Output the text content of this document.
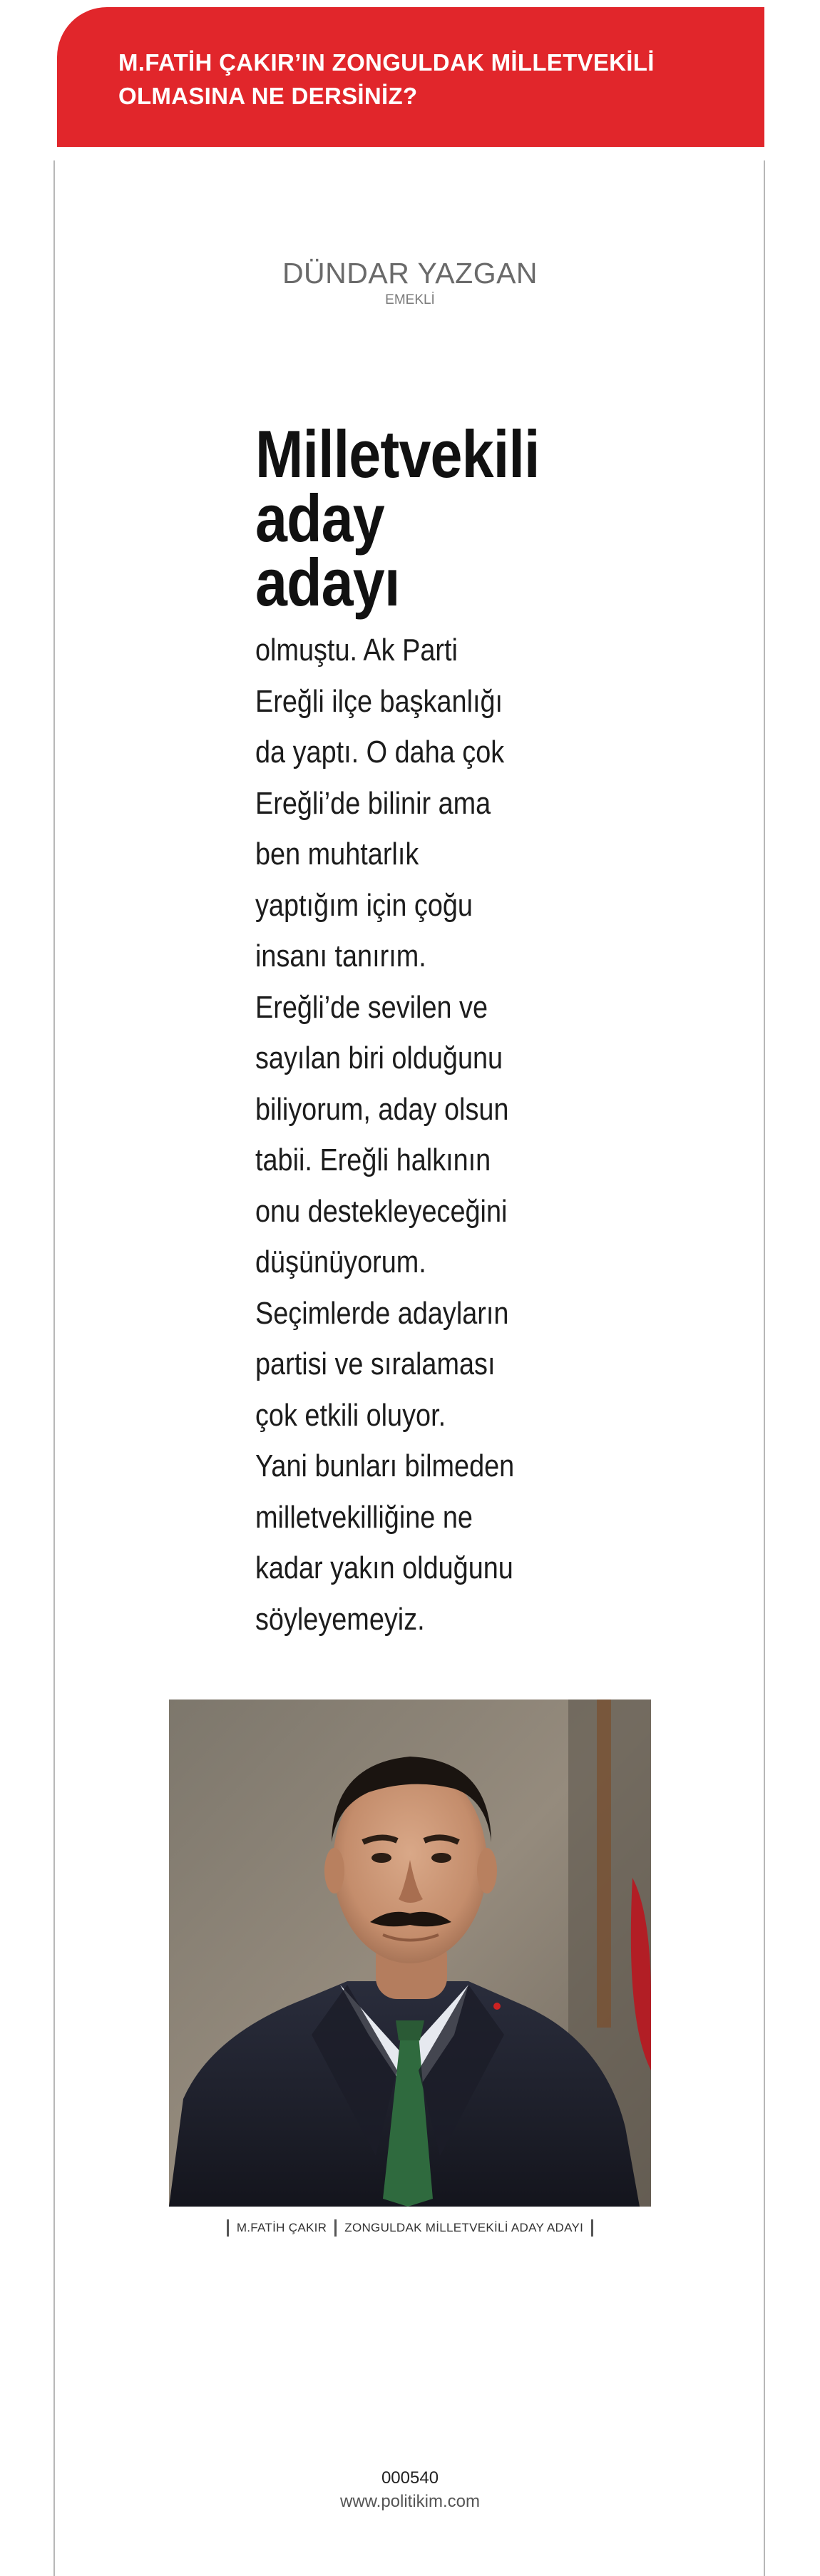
M.FATİH ÇAKIR’IN ZONGULDAK MİLLETVEKİLİ OLMASINA NE DERSİNİZ?
DÜNDAR YAZGAN
EMEKLİ
Milletvekili
aday
adayı
olmuştu. Ak Parti
Ereğli ilçe başkanlığı
da yaptı. O daha çok
Ereğli’de bilinir ama
ben muhtarlık
yaptığım için çoğu
insanı tanırım.
Ereğli’de sevilen ve
sayılan biri olduğunu
biliyorum, aday olsun
tabii. Ereğli halkının
onu destekleyeceğini
düşünüyorum.
Seçimlerde adayların
partisi ve sıralaması
çok etkili oluyor.
Yani bunları bilmeden
milletvekilliğine ne
kadar yakın olduğunu
söyleyemeyiz.
M.FATİH ÇAKIR ZONGULDAK MİLLETVEKİLİ ADAY ADAYI
000540
www.politikim.com
